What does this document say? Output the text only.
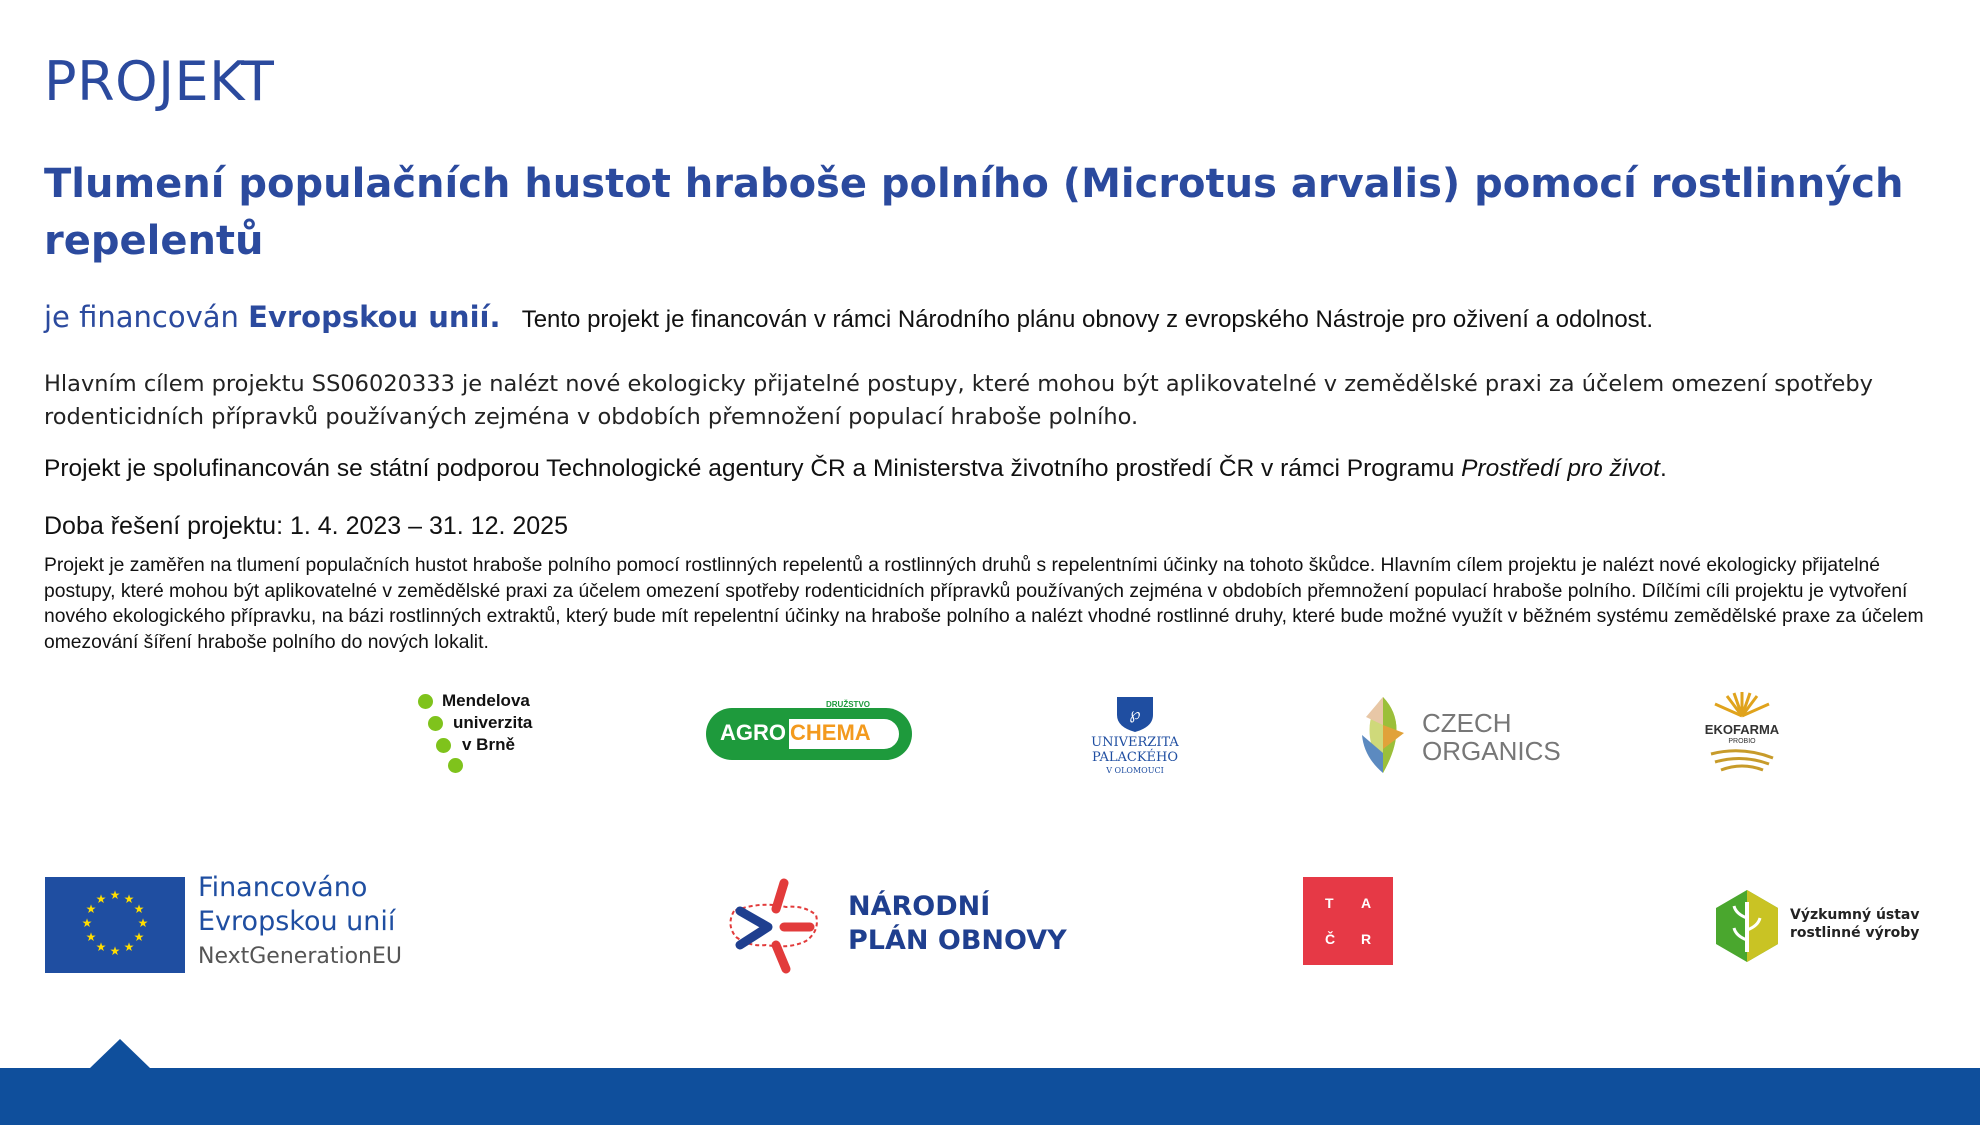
PROJEKT
Tlumení populačních hustot hraboše polního (Microtus arvalis) pomocí rostlinných repelentů
je financován Evropskou unií. Tento projekt je financován v rámci Národního plánu obnovy z evropského Nástroje pro oživení a odolnost.
Hlavním cílem projektu SS06020333 je nalézt nové ekologicky přijatelné postupy, které mohou být aplikovatelné v zemědělské praxi za účelem omezení spotřeby rodenticidních přípravků používaných zejména v obdobích přemnožení populací hraboše polního.
Projekt je spolufinancován se státní podporou Technologické agentury ČR a Ministerstva životního prostředí ČR v rámci Programu Prostředí pro život.
Doba řešení projektu: 1. 4. 2023 – 31. 12. 2025
Projekt je zaměřen na tlumení populačních hustot hraboše polního pomocí rostlinných repelentů a rostlinných druhů s repelentními účinky na tohoto škůdce. Hlavním cílem projektu je nalézt nové ekologicky přijatelné postupy, které mohou být aplikovatelné v zemědělské praxi za účelem omezení spotřeby rodenticidních přípravků používaných zejména v obdobích přemnožení populací hraboše polního. Dílčími cíli projektu je vytvoření nového ekologického přípravku, na bázi rostlinných extraktů, který bude mít repelentní účinky na hraboše polního a nalézt vhodné rostlinné druhy, které bude možné využít v běžném systému zemědělské praxe za účelem omezování šíření hraboše polního do nových lokalit.
Mendelova
univerzita
v Brně
DRUŽSTVO
AGRO CHEMA
℘
UNIVERZITA
PALACKÉHO
V OLOMOUCI
CZECH
ORGANICS
EKOFARMA
PROBIO
★ ★
★
★
★
★
★
★
★
★
★
★	Financováno
Evropskou unií
NextGenerationEU
NÁRODNÍ
PLÁN OBNOVY
T A
Č R
Výzkumný ústav
rostlinné výroby
